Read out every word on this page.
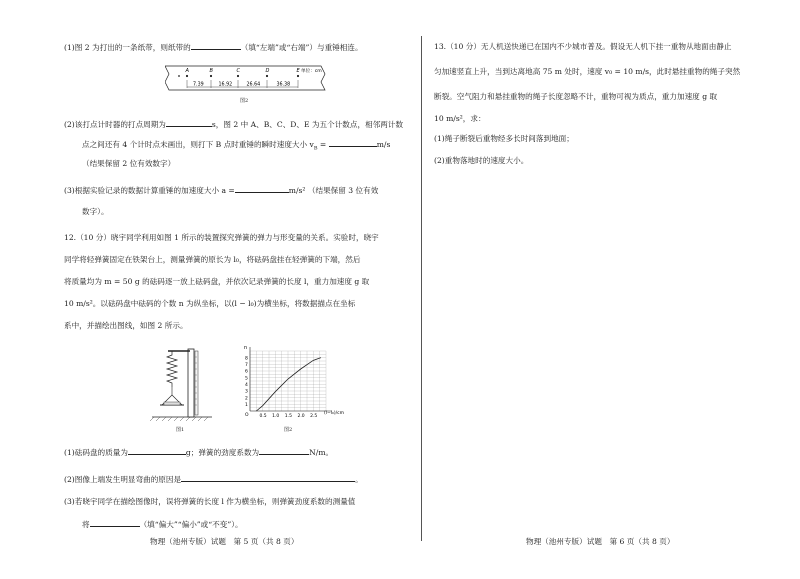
(1)图 2 为打出的一条纸带，则纸带的	（填“左端”或“右端”）与重锤相连。
A	B	C	D	E
7.39	16.92	26.64	36.38
单位：cm
图2
(2)该打点计时器的打点周期为	s，图 2 中 A、B、C、D、E 为五个计数点，相邻两计数
点之间还有 4 个计时点未画出，则打下 B 点时重锤的瞬时速度大小 $v_B$ =	m/s
（结果保留 2 位有效数字）
(3)根据实验记录的数据计算重锤的加速度大小 a =	m/s² （结果保留 3 位有效
数字）。
12.（10 分）晓宇同学利用如图 1 所示的装置探究弹簧的弹力与形变量的关系。实验时，晓宇
同学将轻弹簧固定在铁架台上，测量弹簧的原长为 l₀，将砝码盘挂在轻弹簧的下端，然后
将质量均为 m = 50 g 的砝码逐一放上砝码盘，并依次记录弹簧的长度 l，重力加速度 g 取
10 m/s²。以砝码盘中砝码的个数 n 为纵坐标，以(l − l₀)为横坐标，将数据描点在坐标
系中，并描绘出图线，如图 2 所示。
图1
O 0.5 1.0 1.5 2.0 2.5
1
2
3
4
5
6
7
8
n
(l−l₀)/cm
图2
(1)砝码盘的质量为	g；弹簧的劲度系数为	N/m。
(2)图像上端发生明显弯曲的原因是	。
(3)若晓宇同学在描绘图像时，误将弹簧的长度 l 作为横坐标，则弹簧劲度系数的测量值
将	（填“偏大”“偏小”或“不变”）。
物理（池州专版）试题　第 5 页（共 8 页）
13.（10 分）无人机送快递已在国内不少城市普及。假设无人机下挂一重物从地面由静止
匀加速竖直上升，当到达离地高 75 m 处时，速度 v₀ = 10 m/s，此时悬挂重物的绳子突然
断裂。空气阻力和悬挂重物的绳子长度忽略不计，重物可视为质点，重力加速度 g 取
10 m/s²，求：
(1)绳子断裂后重物经多长时间落到地面；
(2)重物落地时的速度大小。
物理（池州专版）试题　第 6 页（共 8 页）
